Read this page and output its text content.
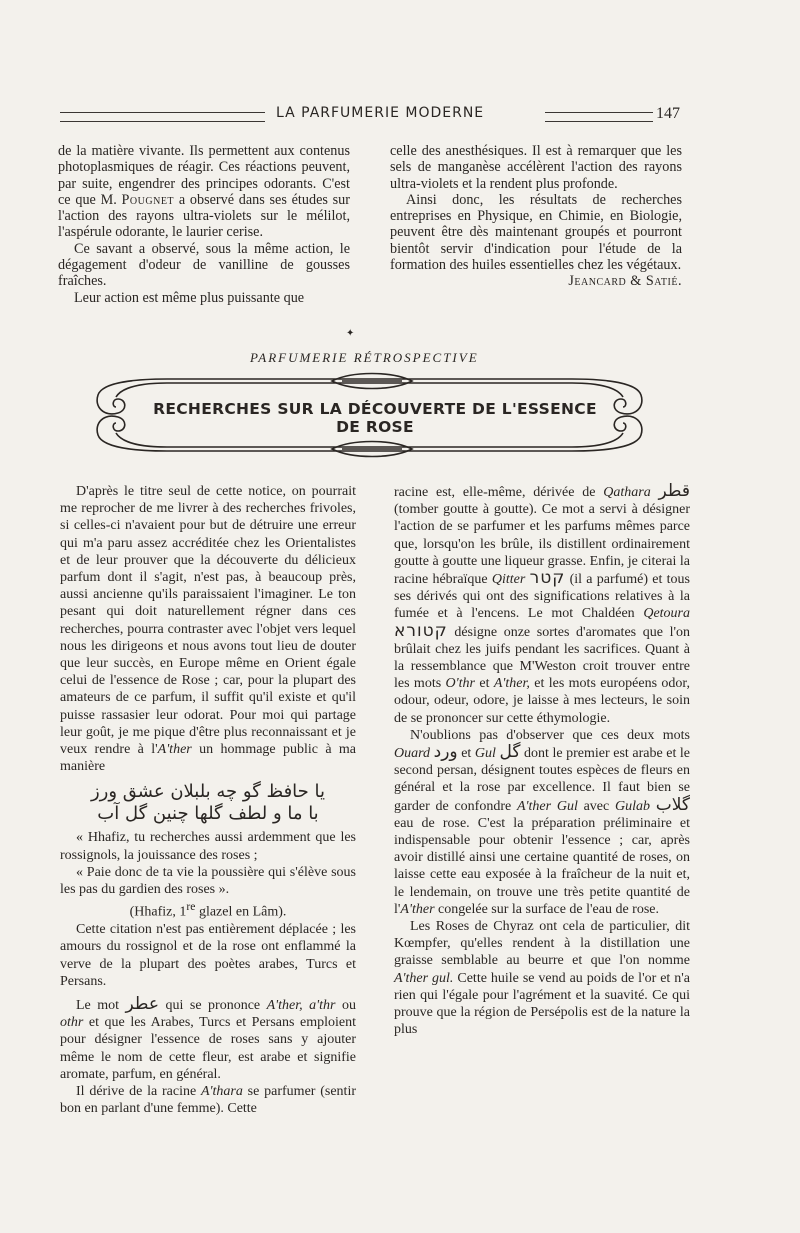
LA PARFUMERIE MODERNE	147

de la matière vivante. Ils permettent aux contenus photoplasmiques de réagir. Ces réactions peuvent, par suite, engendrer des principes odorants. C'est ce que M. Pougnet a observé dans ses études sur l'action des rayons ultra-violets sur le mélilot, l'aspérule odorante, le laurier cerise.

Ce savant a observé, sous la même action, le dégagement d'odeur de vanilline de gousses fraîches.

Leur action est même plus puissante que

celle des anesthésiques. Il est à remarquer que les sels de manganèse accélèrent l'action des rayons ultra-violets et la rendent plus profonde.

Ainsi donc, les résultats de recherches entreprises en Physique, en Chimie, en Biologie, peuvent être dès maintenant groupés et pourront bientôt servir d'indication pour l'étude de la formation des huiles essentielles chez les végétaux.

Jeancard & Satié.

✦
PARFUMERIE RÉTROSPECTIVE
RECHERCHES SUR LA DÉCOUVERTE DE L'ESSENCE DE ROSE

D'après le titre seul de cette notice, on pourrait me reprocher de me livrer à des recherches frivoles, si celles-ci n'avaient pour but de détruire une erreur qui m'a paru assez accréditée chez les Orientalistes et de leur prouver que la découverte du délicieux parfum dont il s'agit, n'est pas, à beaucoup près, aussi ancienne qu'ils paraissaient l'imaginer. Le ton pesant qui doit naturellement régner dans ces recherches, pourra contraster avec l'objet vers lequel nous les dirigeons et nous avons tout lieu de douter que leur succès, en Europe même en Orient égale celui de l'essence de Rose ; car, pour la plupart des amateurs de ce parfum, il suffit qu'il existe et qu'il puisse rassasier leur odorat. Pour moi qui partage leur goût, je me pique d'être plus reconnaissant et je veux rendre à l'A'ther un hommage public à ma manière

يا حافظ گو چه بلبلان عشق ورز
با ما و لطف گلها چنین گل آب

« Hhafiz, tu recherches aussi ardemment que les rossignols, la jouissance des roses ;

« Paie donc de ta vie la poussière qui s'élève sous les pas du gardien des roses ».

(Hhafiz, 1re glazel en Lâm).

Cette citation n'est pas entièrement déplacée ; les amours du rossignol et de la rose ont enflammé la verve de la plupart des poètes arabes, Turcs et Persans.

Le mot عطر qui se prononce A'ther, a'thr ou othr et que les Arabes, Turcs et Persans emploient pour désigner l'essence de roses sans y ajouter même le nom de cette fleur, est arabe et signifie aromate, parfum, en général.

Il dérive de la racine A'thara se parfumer (sentir bon en parlant d'une femme). Cette

racine est, elle-même, dérivée de Qathara قطر (tomber goutte à goutte). Ce mot a servi à désigner l'action de se parfumer et les parfums mêmes parce que, lorsqu'on les brûle, ils distillent ordinairement goutte à goutte une liqueur grasse. Enfin, je citerai la racine hébraïque Qitter קטר (il a parfumé) et tous ses dérivés qui ont des significations relatives à la fumée et à l'encens. Le mot Chaldéen Qetoura קטורא désigne onze sortes d'aromates que l'on brûlait chez les juifs pendant les sacrifices. Quant à la ressemblance que M'Weston croit trouver entre les mots O'thr et A'ther, et les mots européens odor, odour, odeur, odore, je laisse à mes lecteurs, le soin de se prononcer sur cette éthymologie.

N'oublions pas d'observer que ces deux mots Ouard ورد et Gul گل dont le premier est arabe et le second persan, désignent toutes espèces de fleurs en général et la rose par excellence. Il faut bien se garder de confondre A'ther Gul avec Gulab گلاب eau de rose. C'est la préparation préliminaire et indispensable pour obtenir l'essence ; car, après avoir distillé ainsi une certaine quantité de roses, on laisse cette eau exposée à la fraîcheur de la nuit et, le lendemain, on trouve une très petite quantité de l'A'ther congelée sur la surface de l'eau de rose.

Les Roses de Chyraz ont cela de particulier, dit Kœmpfer, qu'elles rendent à la distillation une graisse semblable au beurre et que l'on nomme A'ther gul. Cette huile se vend au poids de l'or et n'a rien qui l'égale pour l'agrément et la suavité. Ce qui prouve que la région de Persépolis est de la nature la plus
